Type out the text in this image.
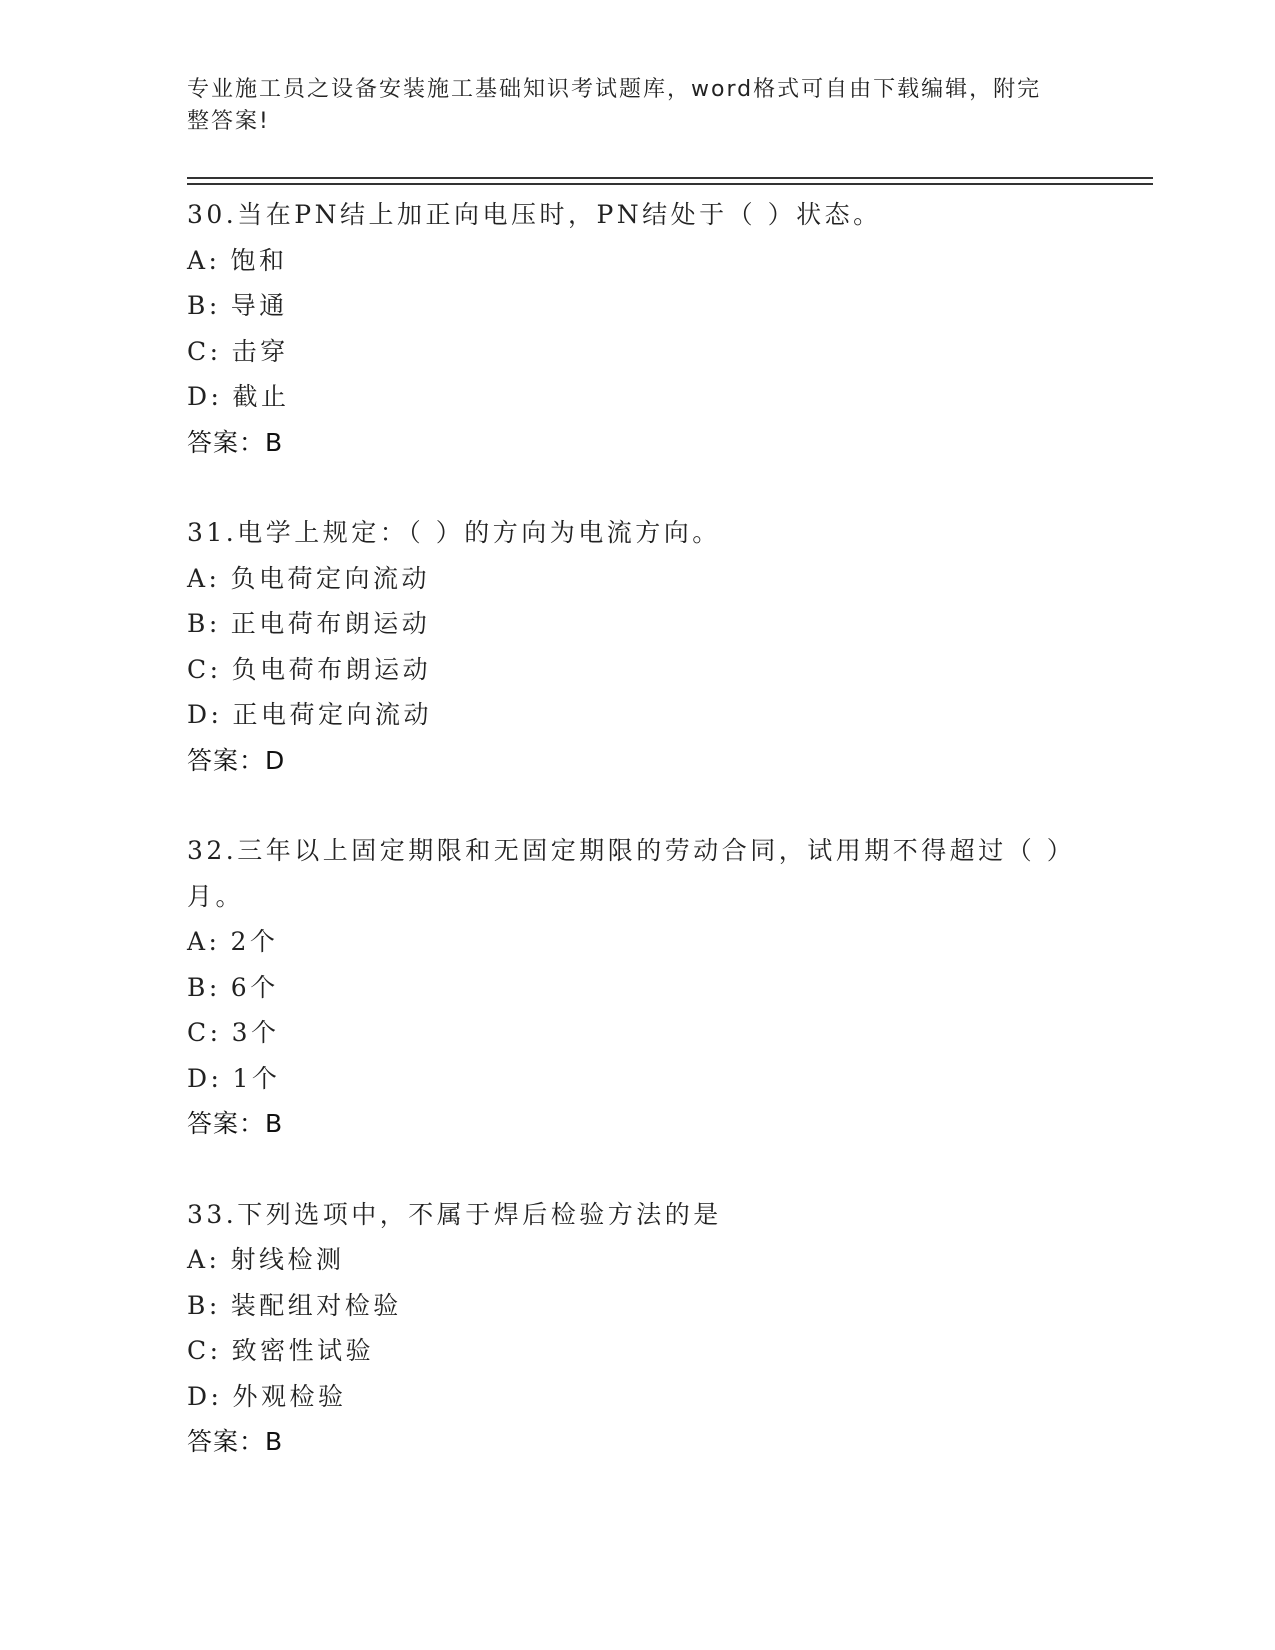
专业施工员之设备安装施工基础知识考试题库，word格式可自由下载编辑，附完
整答案!
30.当在PN结上加正向电压时，PN结处于（ ）状态。
A: 饱和
B: 导通
C: 击穿
D: 截止
答案：B
31.电学上规定：（ ）的方向为电流方向。
A: 负电荷定向流动
B: 正电荷布朗运动
C: 负电荷布朗运动
D: 正电荷定向流动
答案：D
32.三年以上固定期限和无固定期限的劳动合同，试用期不得超过（ ）月。
A: 2个
B: 6个
C: 3个
D: 1个
答案：B
33.下列选项中，不属于焊后检验方法的是
A: 射线检测
B: 装配组对检验
C: 致密性试验
D: 外观检验
答案：B
